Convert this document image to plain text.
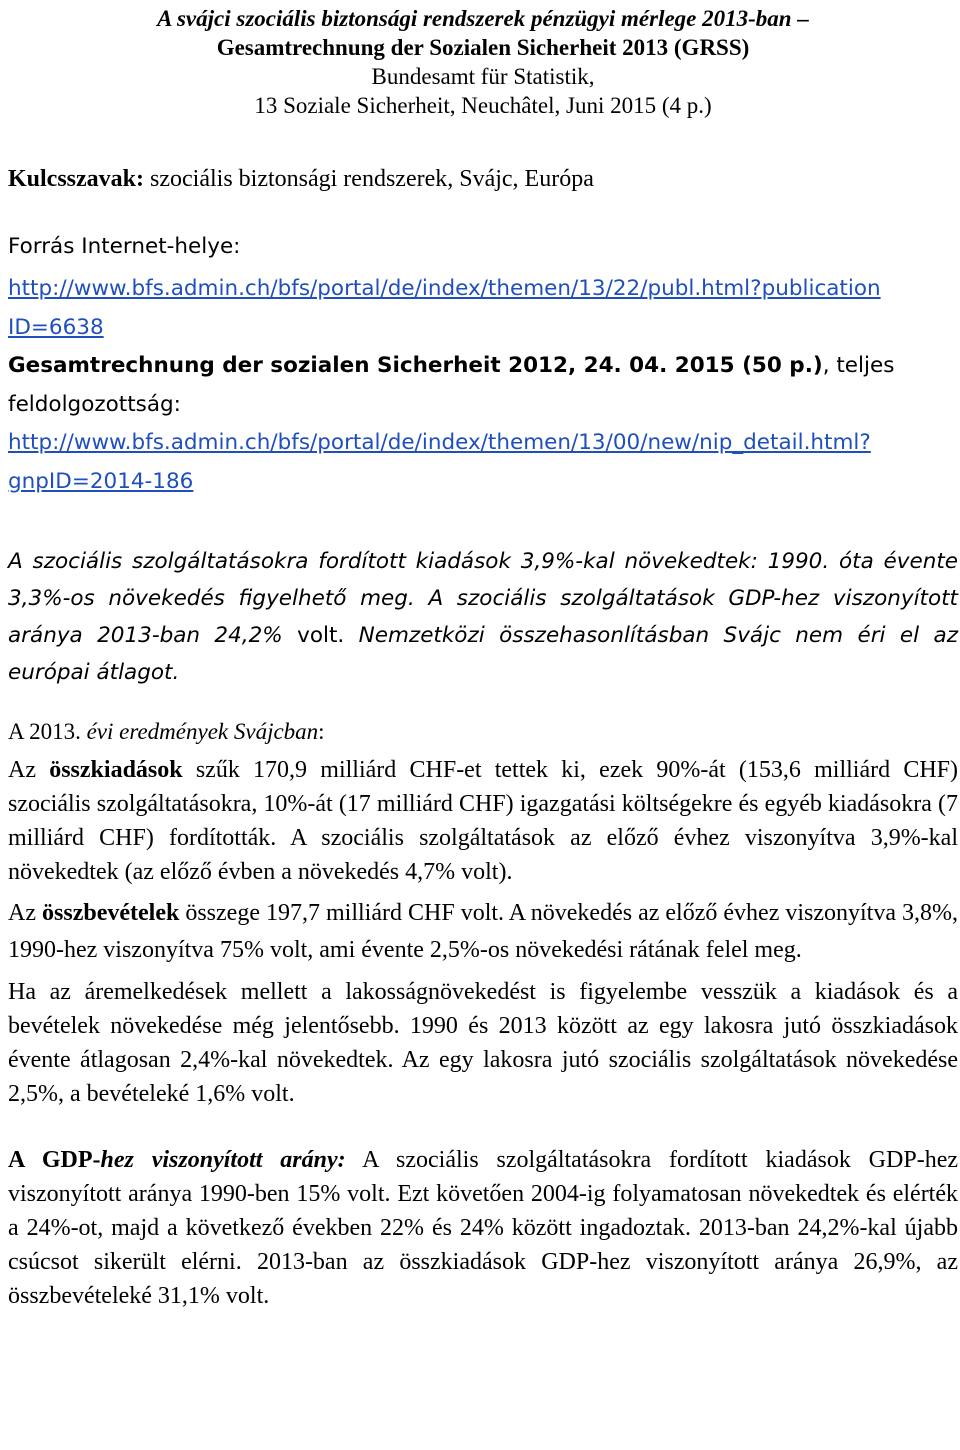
A svájci szociális biztonsági rendszerek pénzügyi mérlege 2013-ban –
Gesamtrechnung der Sozialen Sicherheit 2013 (GRSS)
Bundesamt für Statistik,
13 Soziale Sicherheit, Neuchâtel, Juni 2015 (4 p.)
Kulcsszavak: szociális biztonsági rendszerek, Svájc, Európa
Forrás Internet-helye:
http://www.bfs.admin.ch/bfs/portal/de/index/themen/13/22/publ.html?publication
ID=6638
Gesamtrechnung der sozialen Sicherheit 2012, 24. 04. 2015 (50 p.), teljes
feldolgozottság:
http://www.bfs.admin.ch/bfs/portal/de/index/themen/13/00/new/nip_detail.html?
gnpID=2014-186
A szociális szolgáltatásokra fordított kiadások 3,9%-kal növekedtek: 1990. óta évente 3,3%-os növekedés figyelhető meg. A szociális szolgáltatások GDP-hez viszonyított aránya 2013-ban 24,2% volt. Nemzetközi összehasonlításban Svájc nem éri el az európai átlagot.
A 2013. évi eredmények Svájcban:

Az összkiadások szűk 170,9 milliárd CHF-et tettek ki, ezek 90%-át (153,6 milliárd CHF) szociális szolgáltatásokra, 10%-át (17 milliárd CHF) igazgatási költségekre és egyéb kiadásokra (7 milliárd CHF) fordították. A szociális szolgáltatások az előző évhez viszonyítva 3,9%-kal növekedtek (az előző évben a növekedés 4,7% volt).

Az összbevételek összege 197,7 milliárd CHF volt. A növekedés az előző évhez viszonyítva 3,8%, 1990-hez viszonyítva 75% volt, ami évente 2,5%-os növekedési rátának felel meg.

Ha az áremelkedések mellett a lakosságnövekedést is figyelembe vesszük a kiadások és a bevételek növekedése még jelentősebb. 1990 és 2013 között az egy lakosra jutó összkiadások évente átlagosan 2,4%-kal növekedtek. Az egy lakosra jutó szociális szolgáltatások növekedése 2,5%, a bevételeké 1,6% volt.

A GDP-hez viszonyított arány: A szociális szolgáltatásokra fordított kiadások GDP-hez viszonyított aránya 1990-ben 15% volt. Ezt követően 2004-ig folyamatosan növekedtek és elérték a 24%-ot, majd a következő években 22% és 24% között ingadoztak. 2013-ban 24,2%-kal újabb csúcsot sikerült elérni. 2013-ban az összkiadások GDP-hez viszonyított aránya 26,9%, az összbevételeké 31,1% volt.
